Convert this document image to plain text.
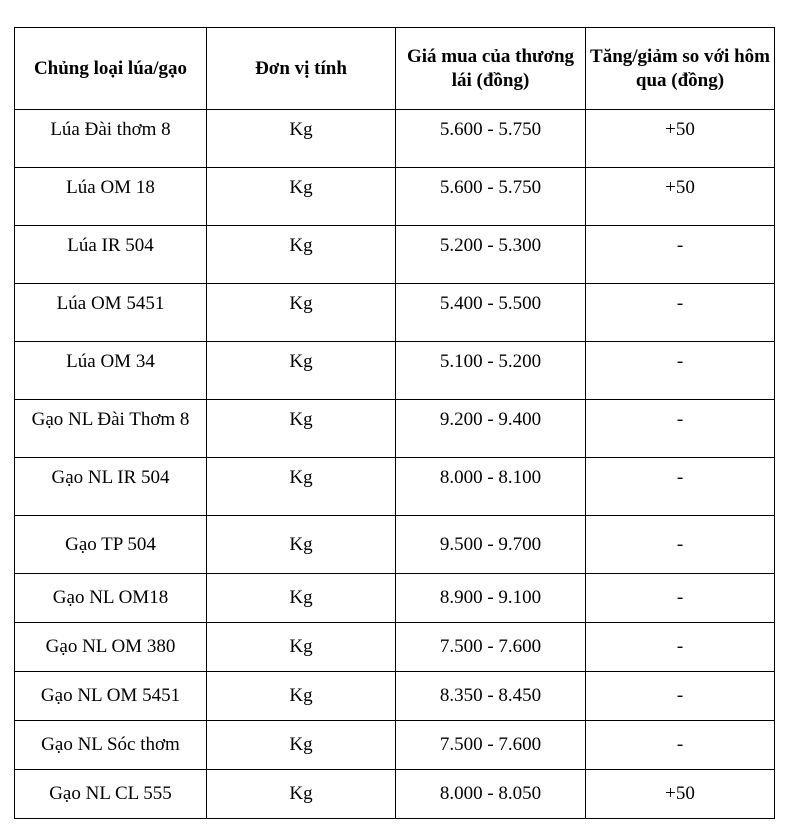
Chủng loại lúa/gạo	Đơn vị tính	Giá mua của thương lái (đồng)	Tăng/giảm so với hôm qua (đồng)
Lúa Đài thơm 8	Kg	5.600 - 5.750	+50
Lúa OM 18	Kg	5.600 - 5.750	+50
Lúa IR 504	Kg	5.200 - 5.300	-
Lúa OM 5451	Kg	5.400 - 5.500	-
Lúa OM 34	Kg	5.100 - 5.200	-
Gạo NL Đài Thơm 8	Kg	9.200 - 9.400	-
Gạo NL IR 504	Kg	8.000 - 8.100	-
Gạo TP 504	Kg	9.500 - 9.700	-
Gạo NL OM18	Kg	8.900 - 9.100	-
Gạo NL OM 380	Kg	7.500 - 7.600	-
Gạo NL OM 5451	Kg	8.350 - 8.450	-
Gạo NL Sóc thơm	Kg	7.500 - 7.600	-
Gạo NL CL 555	Kg	8.000 - 8.050	+50
